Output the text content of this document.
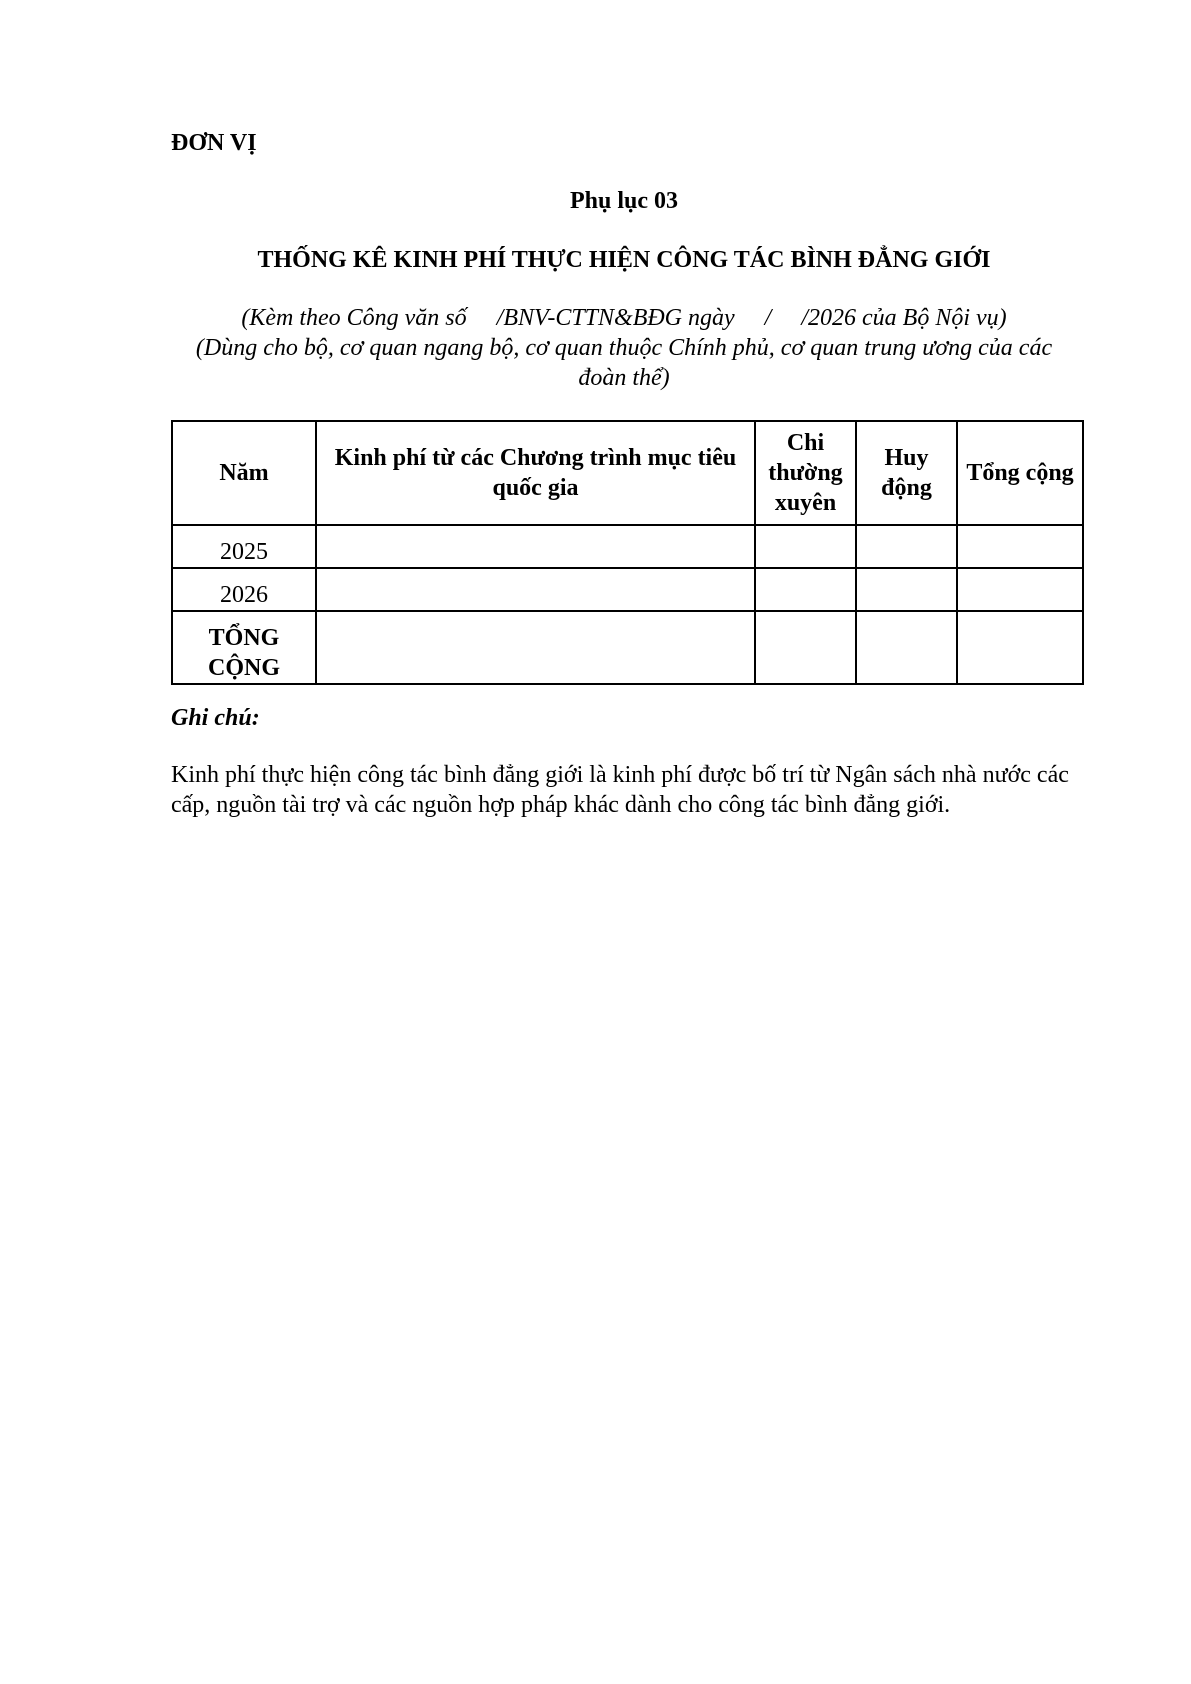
ĐƠN VỊ

Phụ lục 03

THỐNG KÊ KINH PHÍ THỰC HIỆN CÔNG TÁC BÌNH ĐẲNG GIỚI

(Kèm theo Công văn số     /BNV-CTTN&BĐG ngày     /     /2026 của Bộ Nội vụ)

(Dùng cho bộ, cơ quan ngang bộ, cơ quan thuộc Chính phủ, cơ quan trung ương của các đoàn thể)

Năm	Kinh phí từ các Chương trình mục tiêu quốc gia	Chi thường xuyên	Huy động	Tổng cộng
2025				
2026				
TỔNG CỘNG				

Ghi chú:

Kinh phí thực hiện công tác bình đẳng giới là kinh phí được bố trí từ Ngân sách nhà nước các cấp, nguồn tài trợ và các nguồn hợp pháp khác dành cho công tác bình đẳng giới.
